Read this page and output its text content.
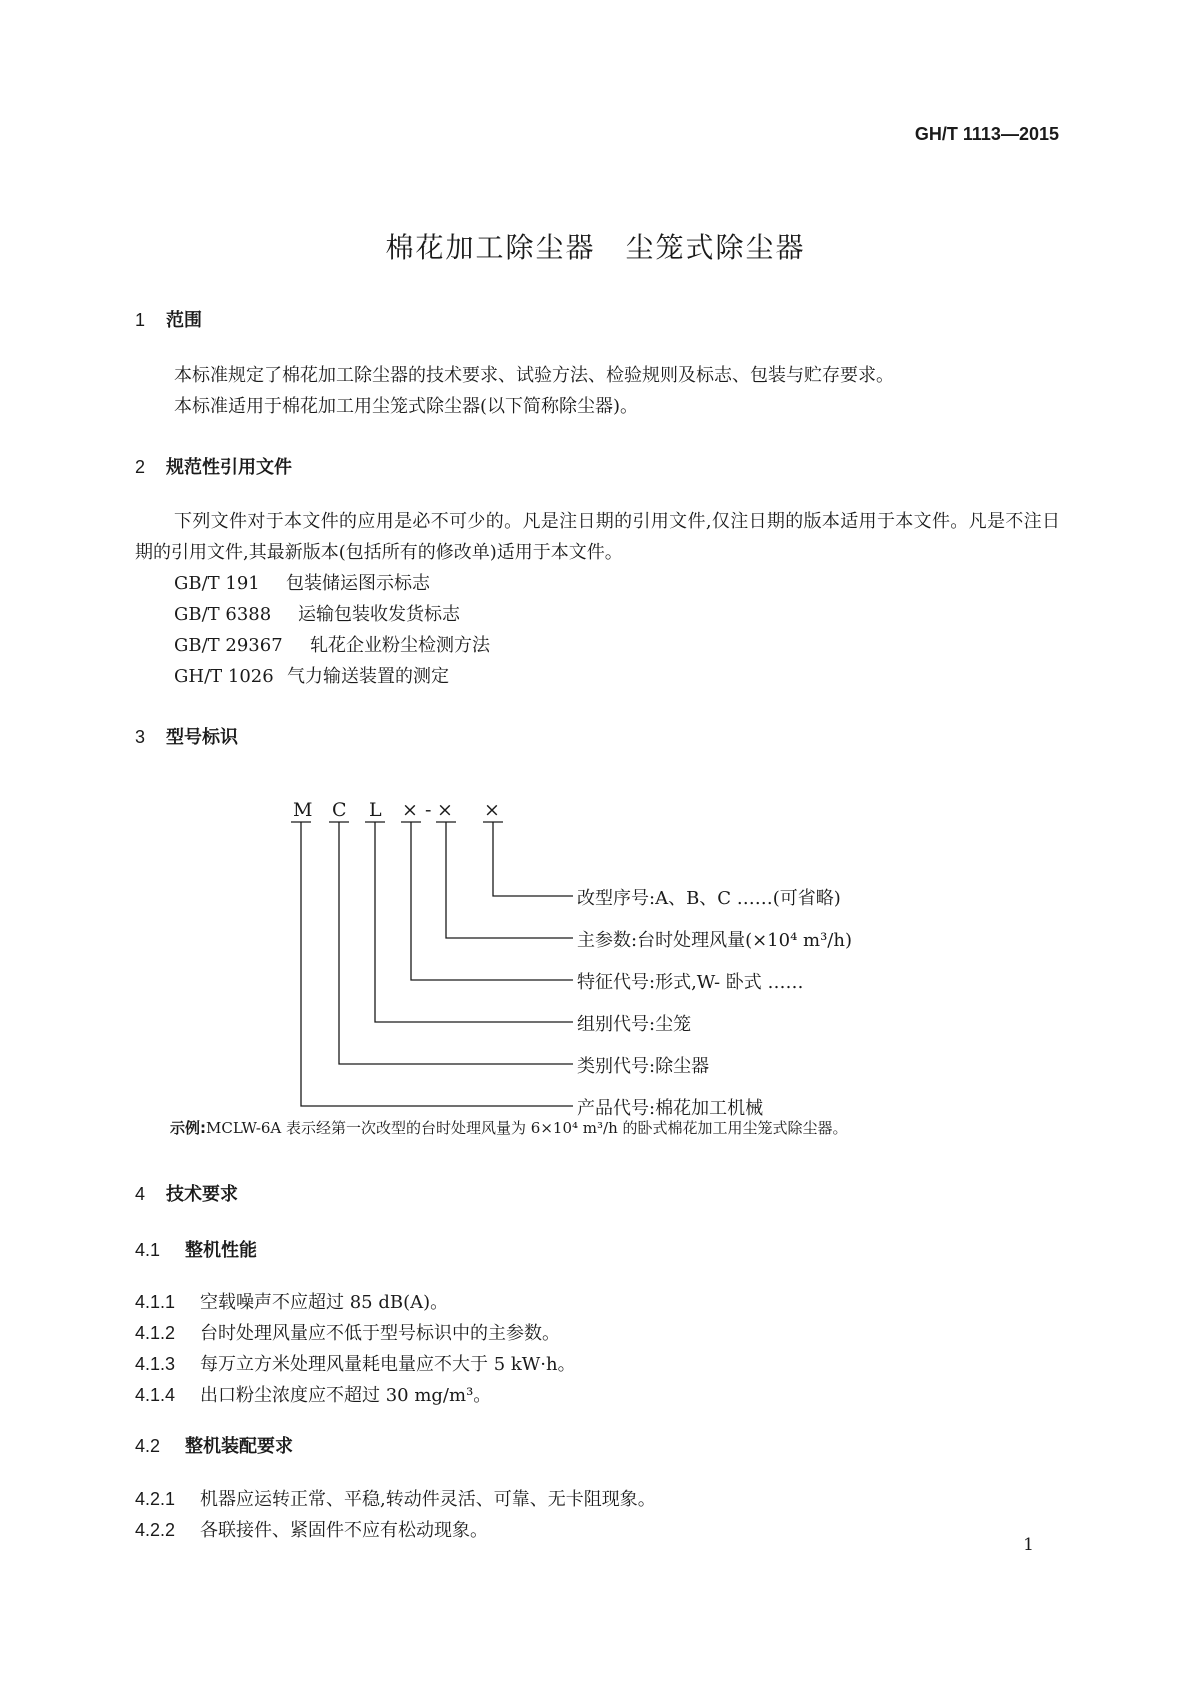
GH/T 1113—2015
棉花加工除尘器　尘笼式除尘器
1 范围
本标准规定了棉花加工除尘器的技术要求、试验方法、检验规则及标志、包装与贮存要求。
本标准适用于棉花加工用尘笼式除尘器(以下简称除尘器)。
2 规范性引用文件
下列文件对于本文件的应用是必不可少的。凡是注日期的引用文件,仅注日期的版本适用于本文件。凡是不注日期的引用文件,其最新版本(包括所有的修改单)适用于本文件。
GB/T 191 包装储运图示标志
GB/T 6388 运输包装收发货标志
GB/T 29367 轧花企业粉尘检测方法
GH/T 1026 气力输送装置的测定
3 型号标识
M C L × - × ×
改型序号:A、B、C ……(可省略)
主参数:台时处理风量(×10⁴ m³/h)
特征代号:形式,W- 卧式 ……
组别代号:尘笼
类别代号:除尘器
产品代号:棉花加工机械
示例:MCLW-6A 表示经第一次改型的台时处理风量为 6×10⁴ m³/h 的卧式棉花加工用尘笼式除尘器。
4 技术要求
4.1 整机性能
4.1.1 空载噪声不应超过 85 dB(A)。
4.1.2 台时处理风量应不低于型号标识中的主参数。
4.1.3 每万立方米处理风量耗电量应不大于 5 kW·h。
4.1.4 出口粉尘浓度应不超过 30 mg/m³。
4.2 整机装配要求
4.2.1 机器应运转正常、平稳,转动件灵活、可靠、无卡阻现象。
4.2.2 各联接件、紧固件不应有松动现象。
1
